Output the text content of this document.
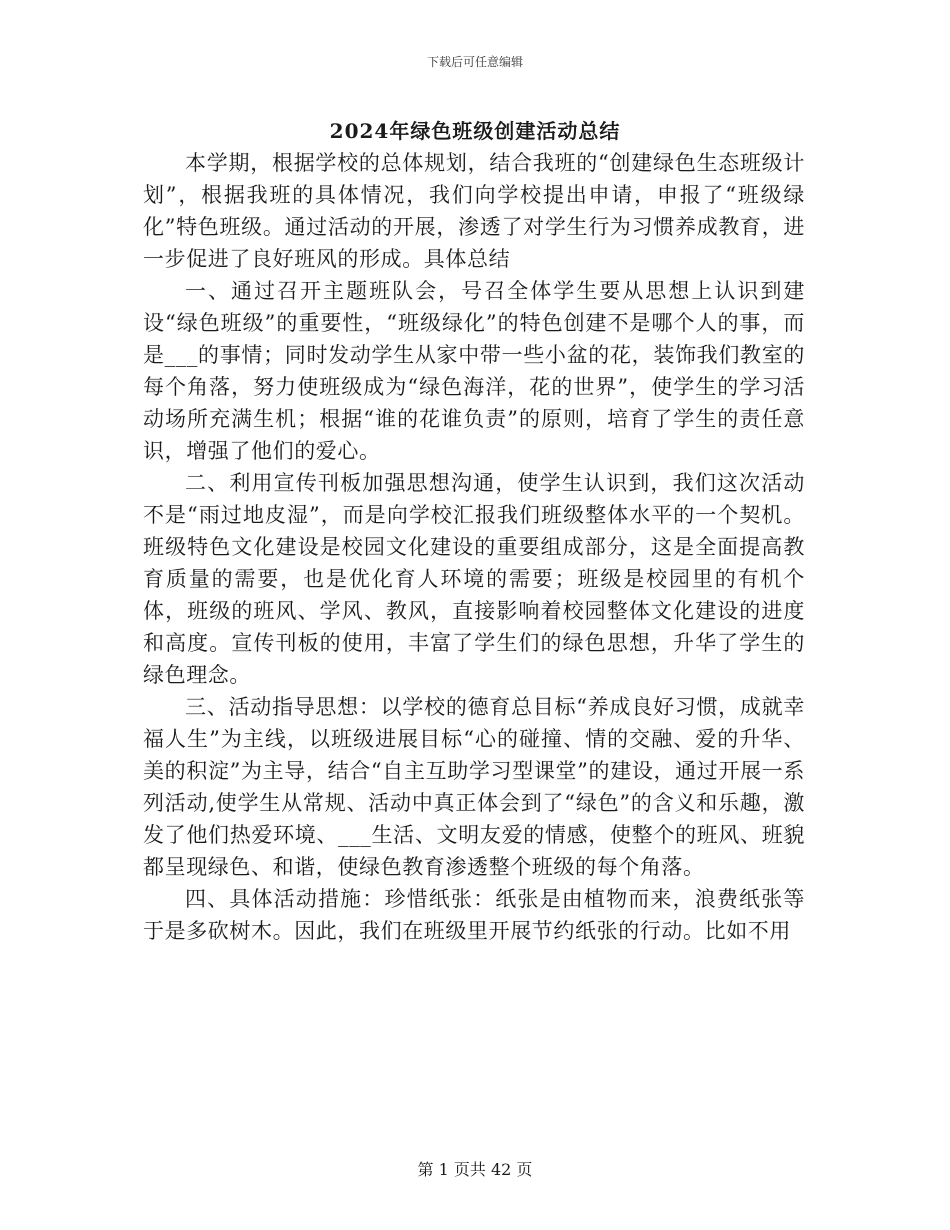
下载后可任意编辑
2024年绿色班级创建活动总结

本学期，根据学校的总体规划，结合我班的“创建绿色生态班级计划”，根据我班的具体情况，我们向学校提出申请，申报了“班级绿化”特色班级。通过活动的开展，渗透了对学生行为习惯养成教育，进一步促进了良好班风的形成。具体总结

一、通过召开主题班队会，号召全体学生要从思想上认识到建设“绿色班级”的重要性，“班级绿化”的特色创建不是哪个人的事，而是___的事情；同时发动学生从家中带一些小盆的花，装饰我们教室的每个角落，努力使班级成为“绿色海洋，花的世界”，使学生的学习活动场所充满生机；根据“谁的花谁负责”的原则，培育了学生的责任意识，增强了他们的爱心。

二、利用宣传刊板加强思想沟通，使学生认识到，我们这次活动不是“雨过地皮湿”，而是向学校汇报我们班级整体水平的一个契机。班级特色文化建设是校园文化建设的重要组成部分，这是全面提高教育质量的需要，也是优化育人环境的需要；班级是校园里的有机个体，班级的班风、学风、教风，直接影响着校园整体文化建设的进度和高度。宣传刊板的使用，丰富了学生们的绿色思想，升华了学生的绿色理念。

三、活动指导思想：以学校的德育总目标“养成良好习惯，成就幸福人生”为主线，以班级进展目标“心的碰撞、情的交融、爱的升华、美的积淀”为主导，结合“自主互助学习型课堂”的建设，通过开展一系列活动,使学生从常规、活动中真正体会到了“绿色”的含义和乐趣，激发了他们热爱环境、___生活、文明友爱的情感，使整个的班风、班貌都呈现绿色、和谐，使绿色教育渗透整个班级的每个角落。

四、具体活动措施：珍惜纸张：纸张是由植物而来，浪费纸张等于是多砍树木。因此，我们在班级里开展节约纸张的行动。比如不用

第 1 页共 42 页
